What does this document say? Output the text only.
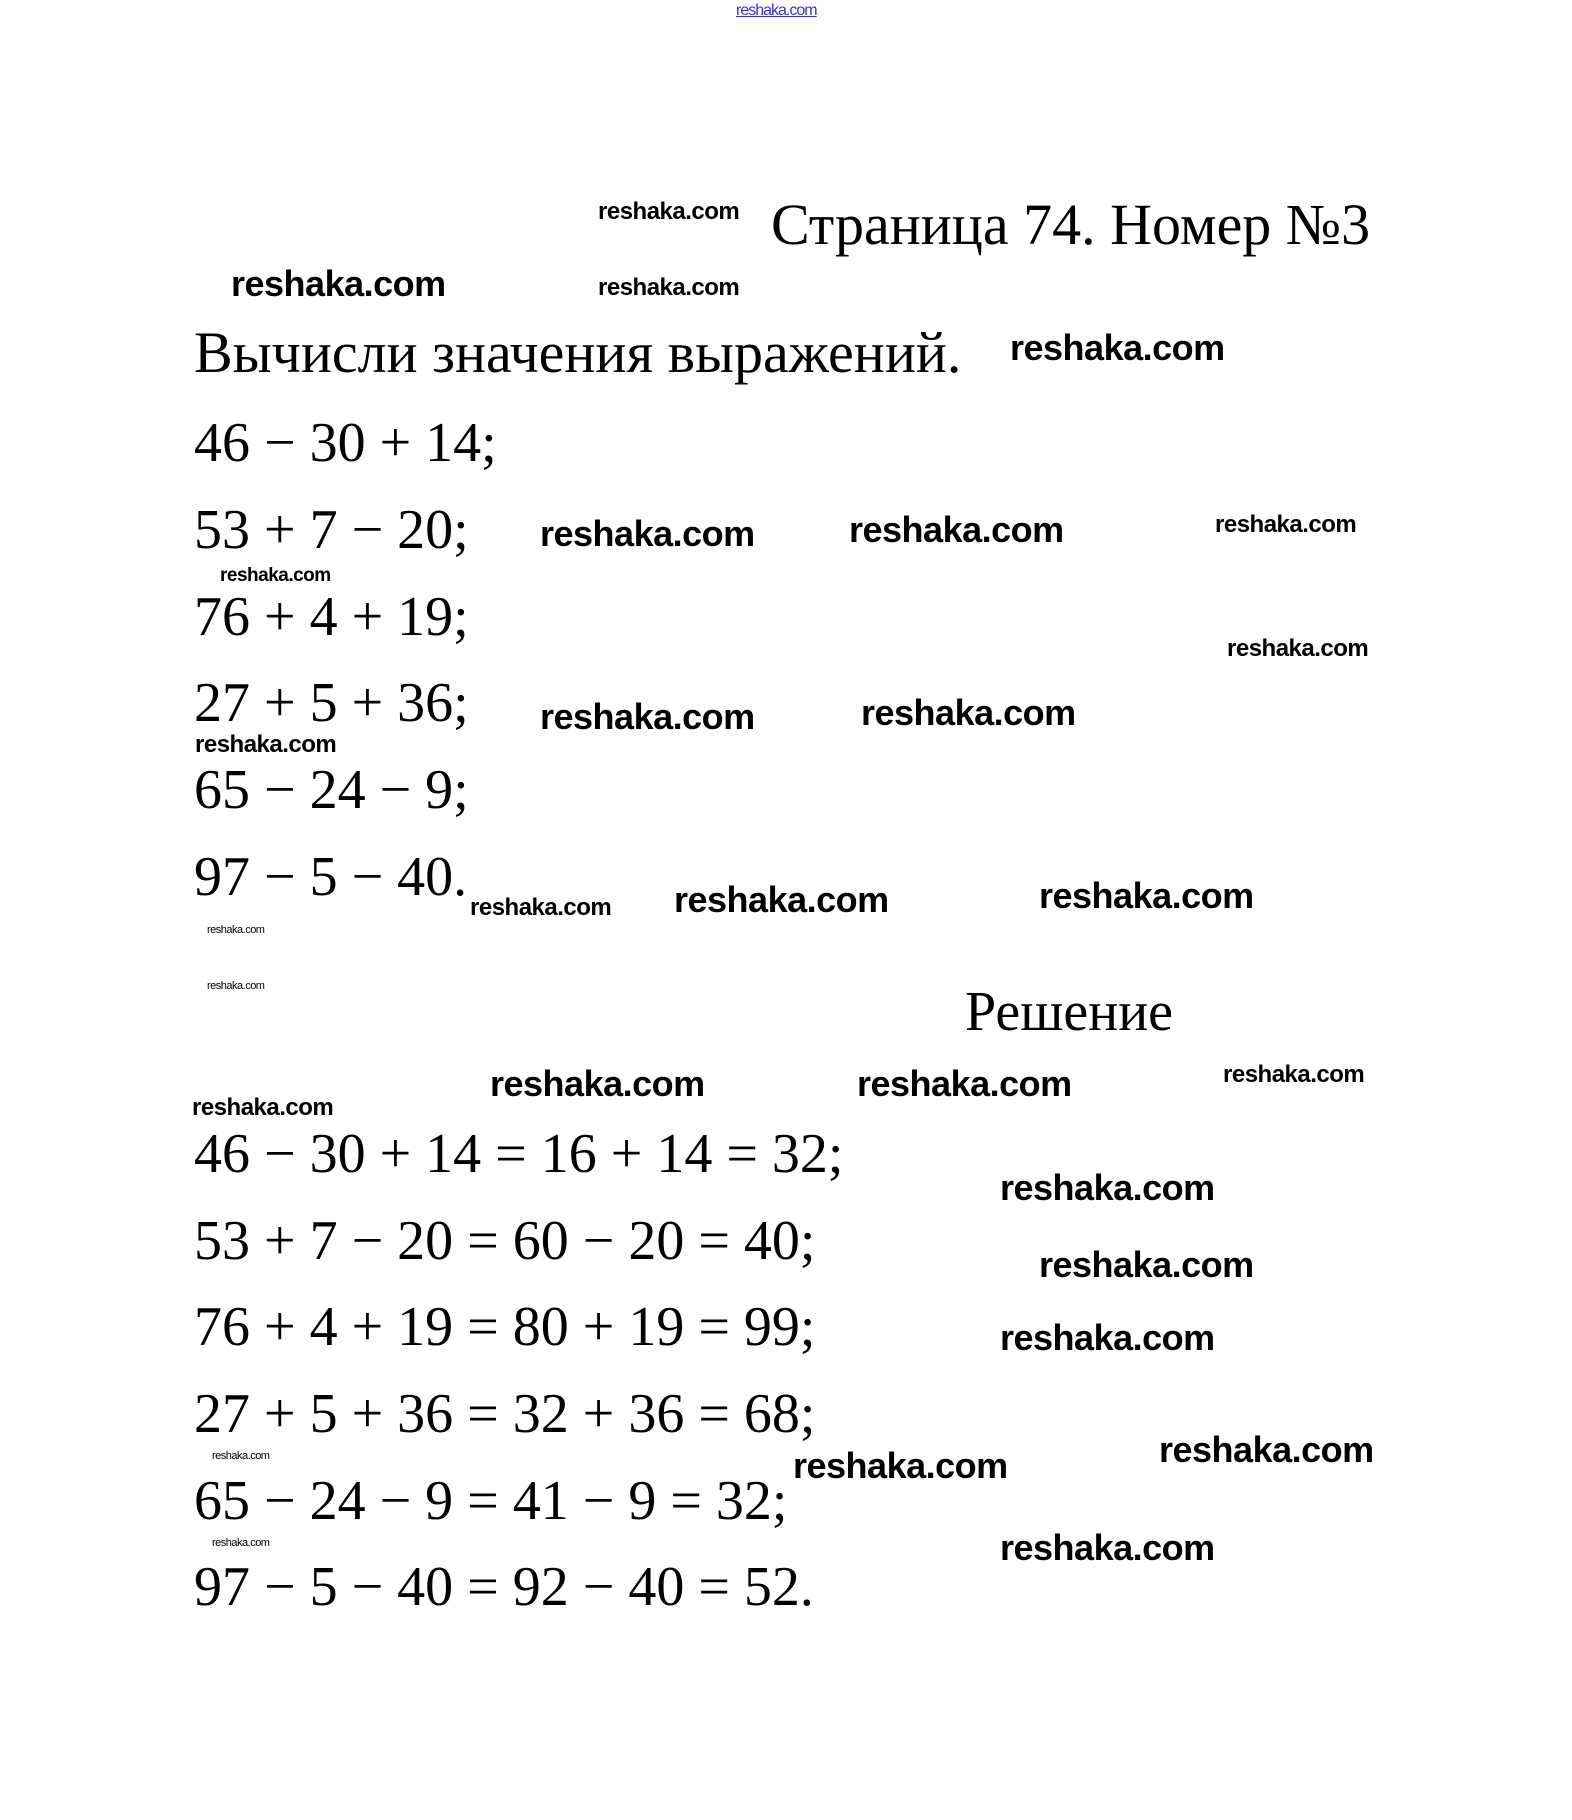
reshaka.com
Страница 74. Номер №3
Вычисли значения выражений.
46 − 30 + 14;
53 + 7 − 20;
76 + 4 + 19;
27 + 5 + 36;
65 − 24 − 9;
97 − 5 − 40.
Решение
46 − 30 + 14 = 16 + 14 = 32;
53 + 7 − 20 = 60 − 20 = 40;
76 + 4 + 19 = 80 + 19 = 99;
27 + 5 + 36 = 32 + 36 = 68;
65 − 24 − 9 = 41 − 9 = 32;
97 − 5 − 40 = 92 − 40 = 52.
reshaka.com
reshaka.com	reshaka.com
reshaka.com
reshaka.com	reshaka.com	reshaka.com
reshaka.com
reshaka.com
reshaka.com	reshaka.com
reshaka.com
reshaka.com reshaka.com	reshaka.com
reshaka.com
reshaka.com
reshaka.com	reshaka.com	reshaka.com
reshaka.com
reshaka.com
reshaka.com
reshaka.com
reshaka.com	reshaka.com	reshaka.com
reshaka.com	reshaka.com
